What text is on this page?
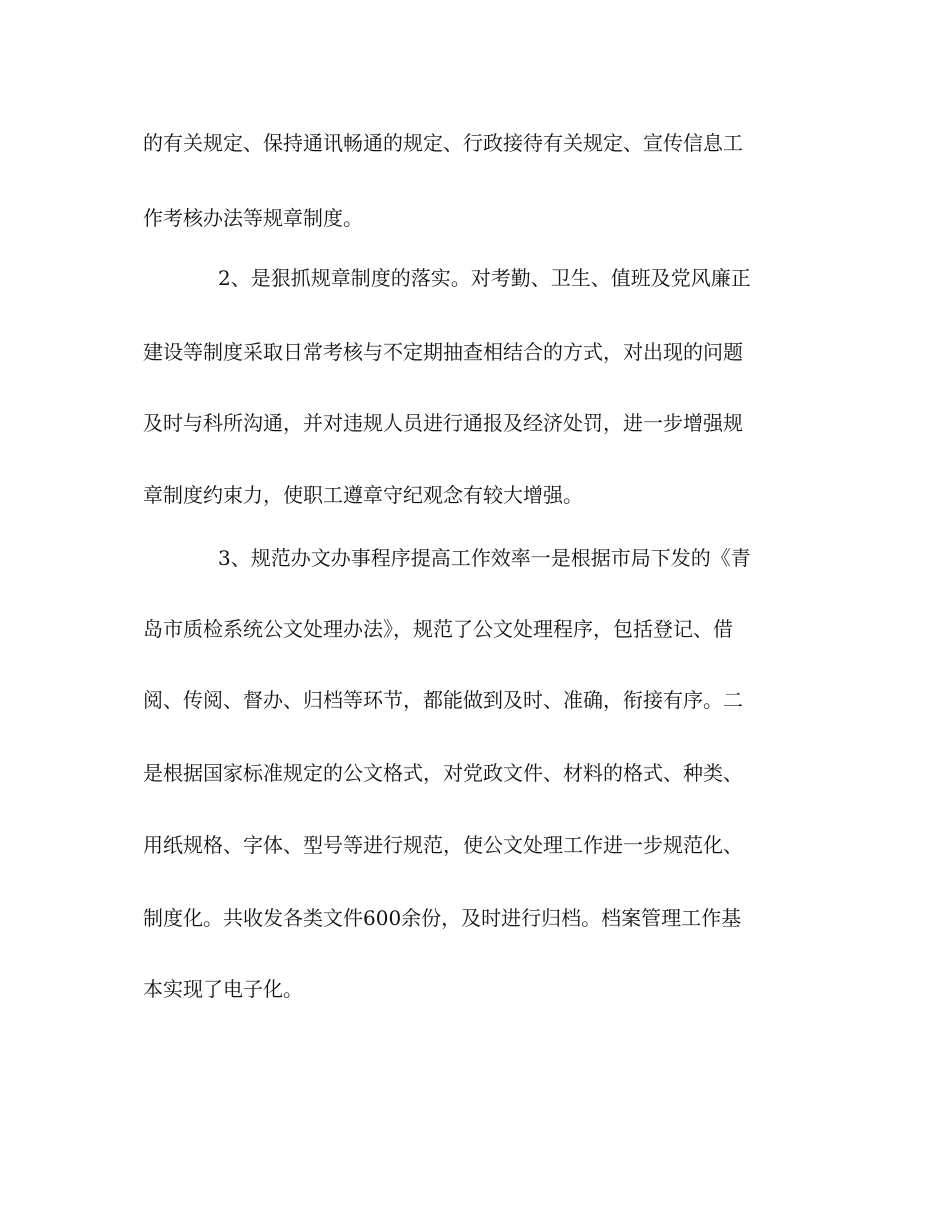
的有关规定、保持通讯畅通的规定、行政接待有关规定、宣传信息工
作考核办法等规章制度。
2、是狠抓规章制度的落实。对考勤、卫生、值班及党风廉正
建设等制度采取日常考核与不定期抽查相结合的方式，对出现的问题
及时与科所沟通，并对违规人员进行通报及经济处罚，进一步增强规
章制度约束力，使职工遵章守纪观念有较大增强。
3、规范办文办事程序提高工作效率一是根据市局下发的《青
岛市质检系统公文处理办法》，规范了公文处理程序，包括登记、借
阅、传阅、督办、归档等环节，都能做到及时、准确，衔接有序。二
是根据国家标准规定的公文格式，对党政文件、材料的格式、种类、
用纸规格、字体、型号等进行规范，使公文处理工作进一步规范化、
制度化。共收发各类文件600余份，及时进行归档。档案管理工作基
本实现了电子化。
